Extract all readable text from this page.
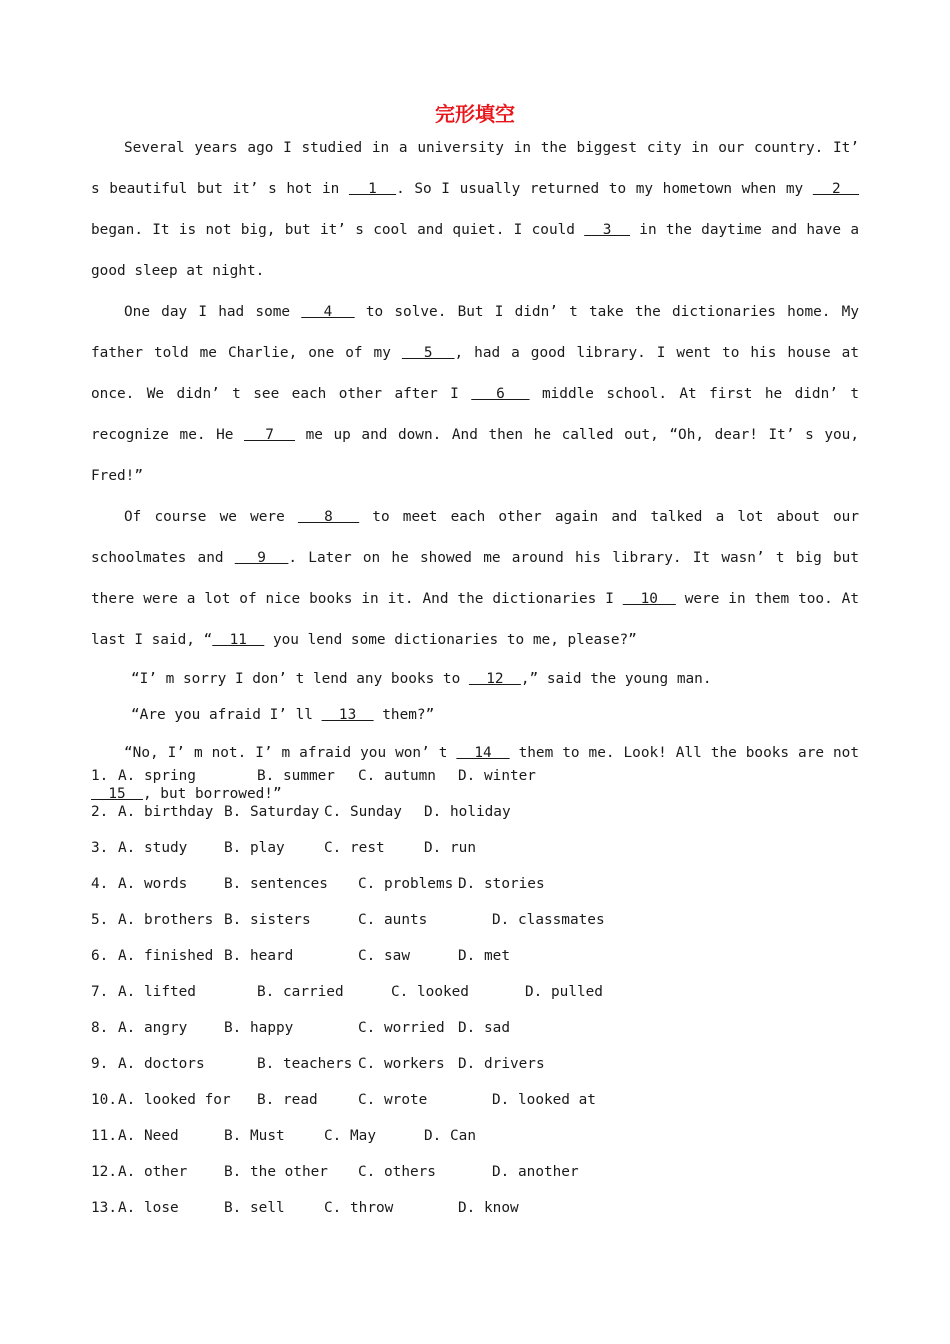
完形填空

Several years ago I studied in a university in the biggest city in our country. It’ s beautiful but it’ s hot in   1  . So I usually returned to my hometown when my   2   began. It is not big, but it’ s cool and quiet. I could   3   in the daytime and have a good sleep at night.

One day I had some   4   to solve. But I didn’ t take the dictionaries home. My father told me Charlie, one of my   5  , had a good library. I went to his house at once. We didn’ t see each other after I   6   middle school. At first he didn’ t recognize me. He   7   me up and down. And then he called out, “Oh, dear! It’ s you, Fred!”

Of course we were   8   to meet each other again and talked a lot about our schoolmates and   9  . Later on he showed me around his library. It wasn’ t big but there were a lot of nice books in it. And the dictionaries I   10   were in them too. At last I said, “  11   you lend some dictionaries to me, please?”

“I’ m sorry I don’ t lend any books to   12  ,” said the young man.

“Are you afraid I’ ll   13   them?”

“No, I’ m not. I’ m afraid you won’ t   14   them to me. Look! All the books are not   15  , but borrowed!”

1. A. spring	B. summer C. autumn D. winter
2. A. birthday B. Saturday C. Sunday D. holiday
3. A. study	B. play	C. rest	D. run
4. A. words	B. sentences C. problems D. stories
5. A. brothers B. sisters	C. aunts	D. classmates
6. A. finished B. heard	C. saw	D. met
7. A. lifted	B. carried	C. looked	D. pulled
8. A. angry	B. happy	C. worried D. sad
9. A. doctors	B. teachers C. workers D. drivers
10. A. looked for B. read	C. wrote	D. looked at
11. A. Need	B. Must	C. May	D. Can
12. A. other	B. the other C. others	D. another
13. A. lose	B. sell	C. throw	D. know
